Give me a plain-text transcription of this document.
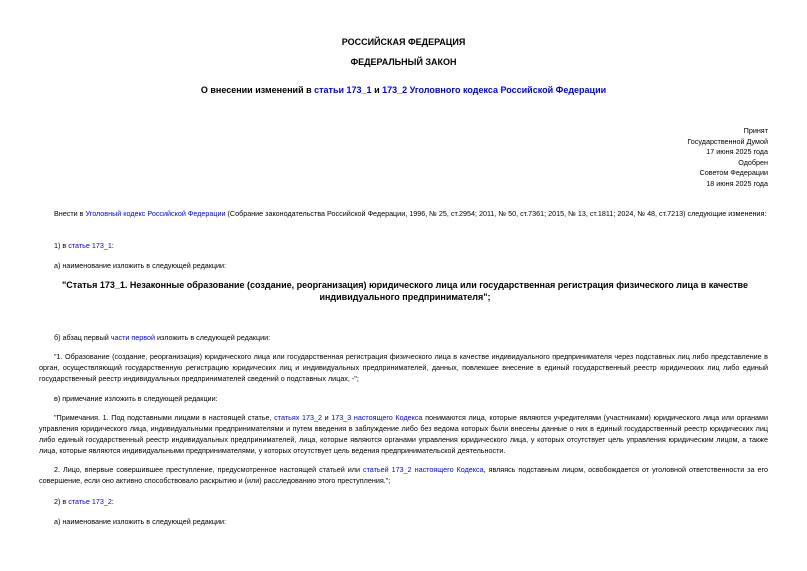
РОССИЙСКАЯ ФЕДЕРАЦИЯ
ФЕДЕРАЛЬНЫЙ ЗАКОН
О внесении изменений в статьи 173_1 и 173_2 Уголовного кодекса Российской Федерации
Принят
Государственной Думой
17 июня 2025 года
Одобрен
Советом Федерации
18 июня 2025 года
Внести в Уголовный кодекс Российской Федерации (Собрание законодательства Российской Федерации, 1996, № 25, ст.2954; 2011, № 50, ст.7361; 2015, № 13, ст.1811; 2024, № 48, ст.7213) следующие изменения:
1) в статье 173_1:
а) наименование изложить в следующей редакции:
"Статья 173_1. Незаконные образование (создание, реорганизация) юридического лица или государственная регистрация физического лица в качестве индивидуального предпринимателя";
б) абзац первый части первой изложить в следующей редакции:
"1. Образование (создание, реорганизация) юридического лица или государственная регистрация физического лица в качестве индивидуального предпринимателя через подставных лиц либо представление в орган, осуществляющий государственную регистрацию юридических лиц и индивидуальных предпринимателей, данных, повлекшее внесение в единый государственный реестр юридических лиц либо единый государственный реестр индивидуальных предпринимателей сведений о подставных лицах, -";
в) примечание изложить в следующей редакции:
"Примечания. 1. Под подставными лицами в настоящей статье, статьях 173_2 и 173_3 настоящего Кодекса понимаются лица, которые являются учредителями (участниками) юридического лица или органами управления юридического лица, индивидуальными предпринимателями и путем введения в заблуждение либо без ведома которых были внесены данные о них в единый государственный реестр юридических лиц либо единый государственный реестр индивидуальных предпринимателей, лица, которые являются органами управления юридического лица, у которых отсутствует цель управления юридическим лицом, а также лица, которые являются индивидуальными предпринимателями, у которых отсутствует цель ведения предпринимательской деятельности.
2. Лицо, впервые совершившее преступление, предусмотренное настоящей статьей или статьей 173_2 настоящего Кодекса, являясь подставным лицом, освобождается от уголовной ответственности за его совершение, если оно активно способствовало раскрытию и (или) расследованию этого преступления.";
2) в статье 173_2:
а) наименование изложить в следующей редакции:
